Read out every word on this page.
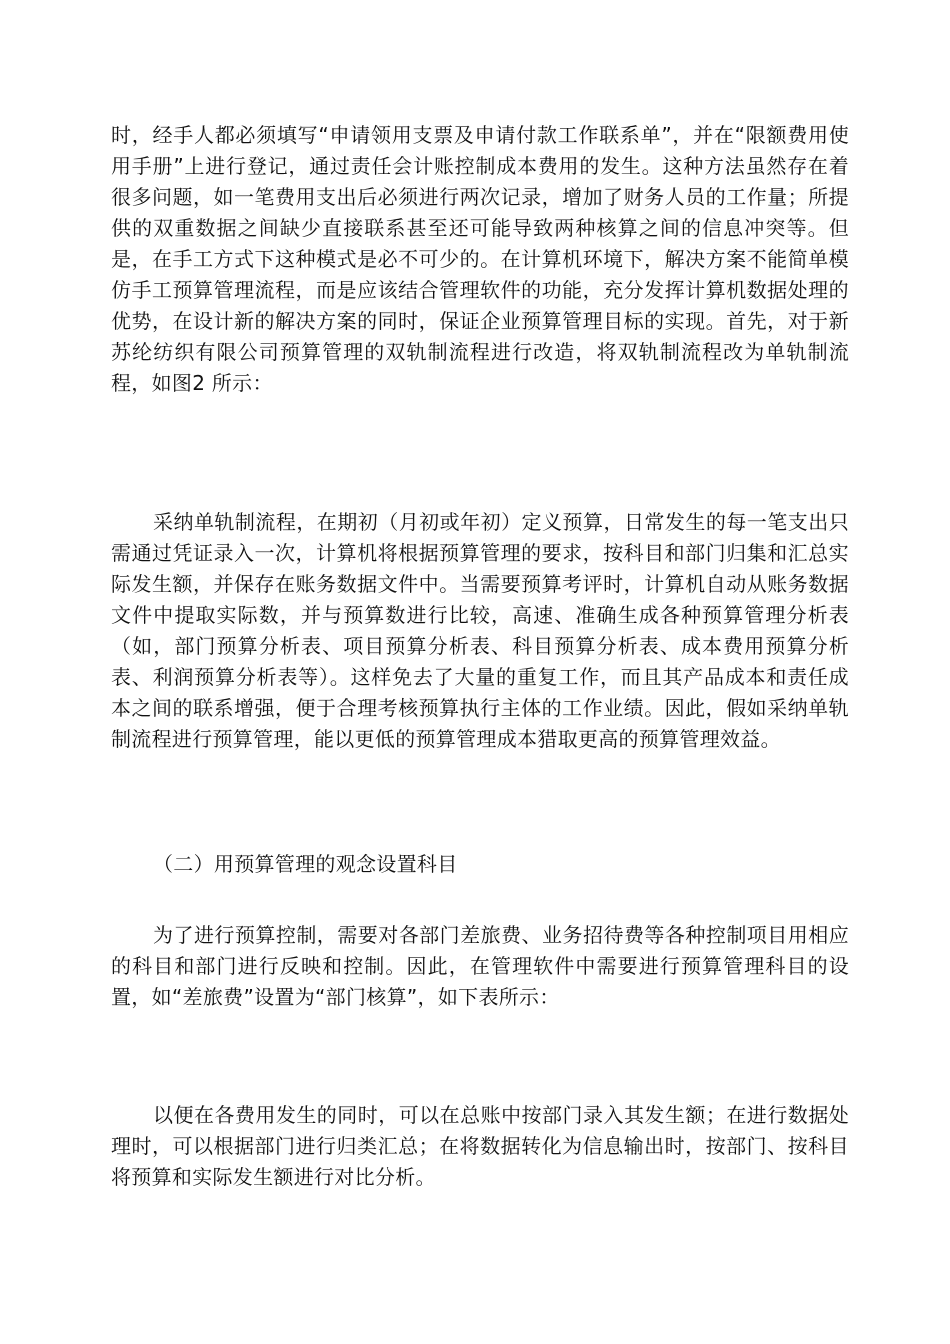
时，经手人都必须填写“申请领用支票及申请付款工作联系单”，并在“限额费用使用手册”上进行登记，通过责任会计账控制成本费用的发生。这种方法虽然存在着很多问题，如一笔费用支出后必须进行两次记录，增加了财务人员的工作量；所提供的双重数据之间缺少直接联系甚至还可能导致两种核算之间的信息冲突等。但是，在手工方式下这种模式是必不可少的。在计算机环境下，解决方案不能简单模仿手工预算管理流程，而是应该结合管理软件的功能，充分发挥计算机数据处理的优势，在设计新的解决方案的同时，保证企业预算管理目标的实现。首先，对于新苏纶纺织有限公司预算管理的双轨制流程进行改造，将双轨制流程改为单轨制流程，如图2 所示：

采纳单轨制流程，在期初（月初或年初）定义预算，日常发生的每一笔支出只需通过凭证录入一次，计算机将根据预算管理的要求，按科目和部门归集和汇总实际发生额，并保存在账务数据文件中。当需要预算考评时，计算机自动从账务数据文件中提取实际数，并与预算数进行比较，高速、准确生成各种预算管理分析表（如，部门预算分析表、项目预算分析表、科目预算分析表、成本费用预算分析表、利润预算分析表等）。这样免去了大量的重复工作，而且其产品成本和责任成本之间的联系增强，便于合理考核预算执行主体的工作业绩。因此，假如采纳单轨制流程进行预算管理，能以更低的预算管理成本猎取更高的预算管理效益。

（二）用预算管理的观念设置科目

为了进行预算控制，需要对各部门差旅费、业务招待费等各种控制项目用相应的科目和部门进行反映和控制。因此，在管理软件中需要进行预算管理科目的设置，如“差旅费”设置为“部门核算”，如下表所示：

以便在各费用发生的同时，可以在总账中按部门录入其发生额；在进行数据处理时，可以根据部门进行归类汇总；在将数据转化为信息输出时，按部门、按科目将预算和实际发生额进行对比分析。
